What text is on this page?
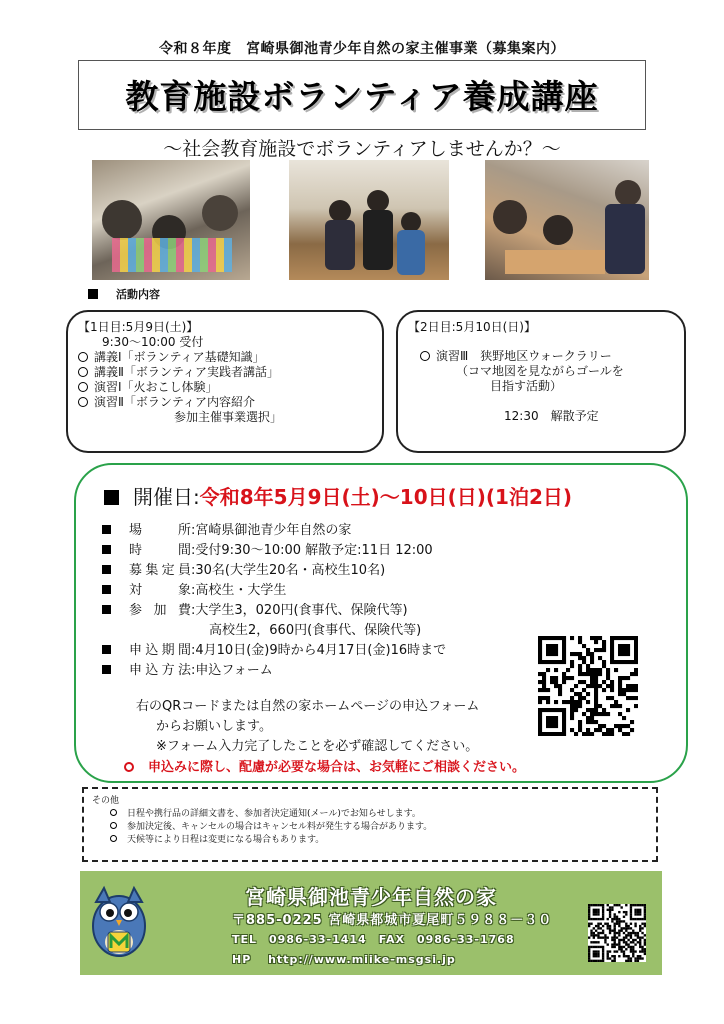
令和８年度　宮崎県御池青少年自然の家主催事業（募集案内）
教育施設ボランティア養成講座
～社会教育施設でボランティアしませんか？～
活動内容
【1日目:5月9日(土)】
9:30～10:00 受付
講義Ⅰ「ボランティア基礎知識」
講義Ⅱ「ボランティア実践者講話」
演習Ⅰ「火おこし体験」
演習Ⅱ「ボランティア内容紹介
参加主催事業選択」
【2日目:5月10日(日)】
演習Ⅲ　狭野地区ウォークラリー
（コマ地図を見ながらゴールを
目指す活動）
12:30　解散予定
開催日:令和8年5月9日(土)～10日(日)(1泊2日)
場　　所:宮崎県御池青少年自然の家
時　　間:受付9:30～10:00 解散予定:11日 12:00
募集定員:30名(大学生20名・高校生10名)
対　　象:高校生・大学生
参 加 費:大学生3，020円(食事代、保険代等)
高校生2，660円(食事代、保険代等)
申込期間:4月10日(金)9時から4月17日(金)16時まで
申込方法:申込フォーム
右のQRコードまたは自然の家ホームページの申込フォーム
からお願いします。
※フォーム入力完了したことを必ず確認してください。
申込みに際し、配慮が必要な場合は、お気軽にご相談ください。
その他
日程や携行品の詳細文書を、参加者決定通知(メール)でお知らせします。
参加決定後、キャンセルの場合はキャンセル料が発生する場合があります。
天候等により日程は変更になる場合もあります。
宮崎県御池青少年自然の家
〒885-0225 宮崎県都城市夏尾町５９８８－３０
TEL　0986-33-1414　FAX　0986-33-1768
HP　 http://www.miike-msgsi.jp
